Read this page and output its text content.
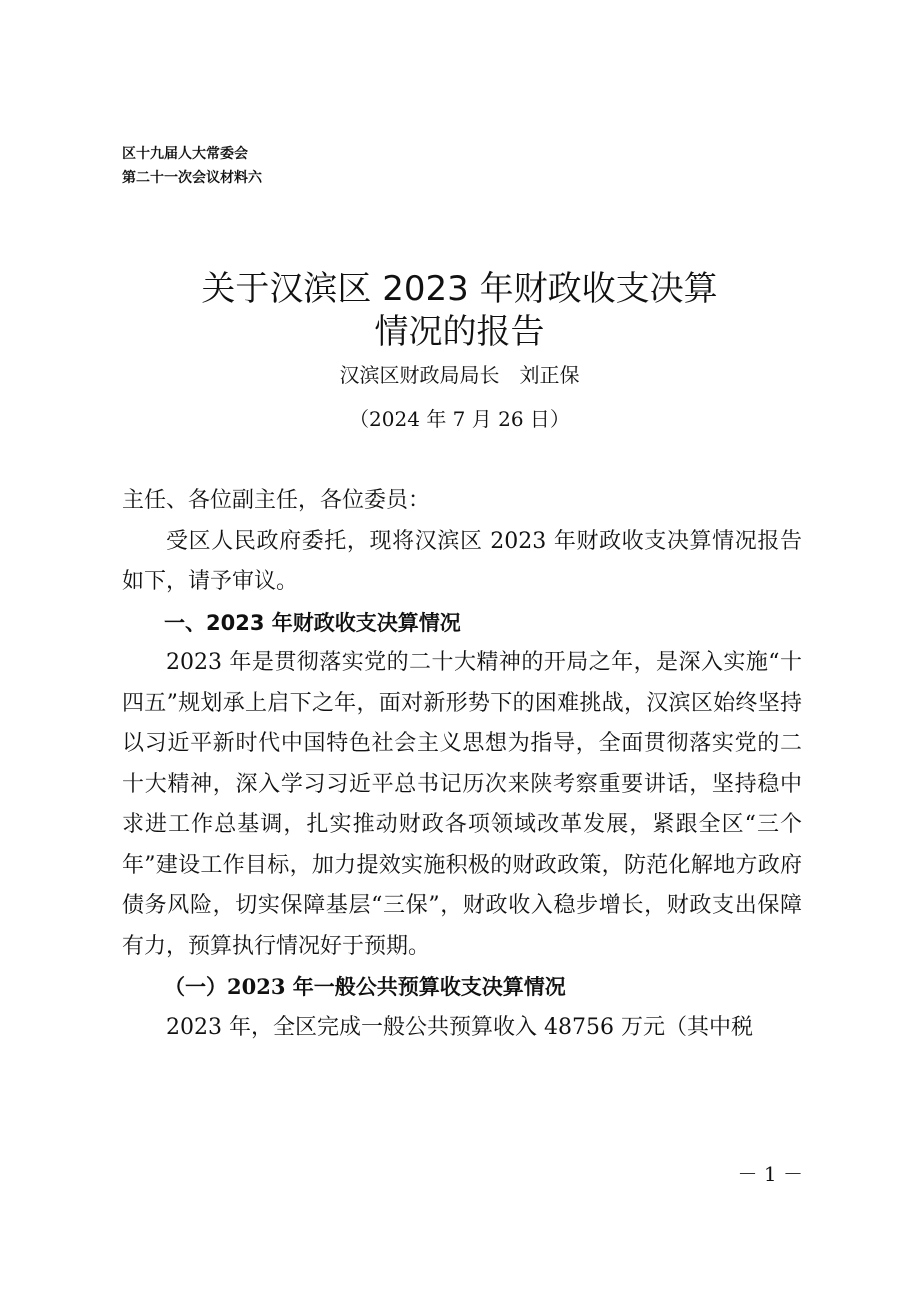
区十九届人大常委会
第二十一次会议材料六
关于汉滨区 2023 年财政收支决算
情况的报告
汉滨区财政局局长　刘正保
（2024 年 7 月 26 日）

主任、各位副主任，各位委员：

受区人民政府委托，现将汉滨区 2023 年财政收支决算情况报告如下，请予审议。

一、2023 年财政收支决算情况

2023 年是贯彻落实党的二十大精神的开局之年，是深入实施“十四五”规划承上启下之年，面对新形势下的困难挑战，汉滨区始终坚持以习近平新时代中国特色社会主义思想为指导，全面贯彻落实党的二十大精神，深入学习习近平总书记历次来陕考察重要讲话，坚持稳中求进工作总基调，扎实推动财政各项领域改革发展，紧跟全区“三个年”建设工作目标，加力提效实施积极的财政政策，防范化解地方政府债务风险，切实保障基层“三保”，财政收入稳步增长，财政支出保障有力，预算执行情况好于预期。

（一）2023 年一般公共预算收支决算情况

2023 年，全区完成一般公共预算收入 48756 万元（其中税

－ 1 －
